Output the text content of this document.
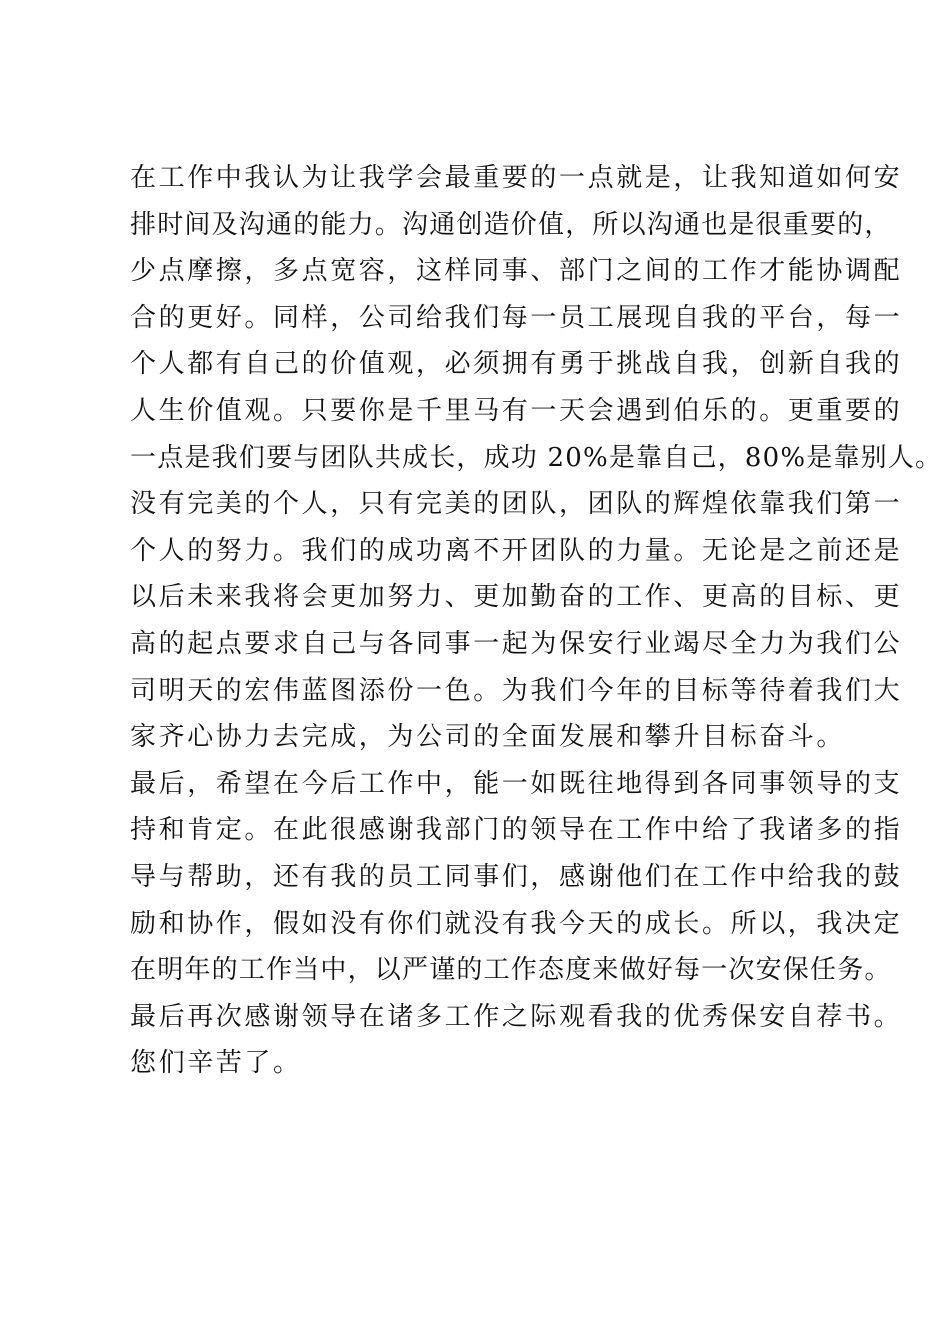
在工作中我认为让我学会最重要的一点就是，让我知道如何安
排时间及沟通的能力。沟通创造价值，所以沟通也是很重要的，
少点摩擦，多点宽容，这样同事、部门之间的工作才能协调配
合的更好。同样，公司给我们每一员工展现自我的平台，每一
个人都有自己的价值观，必须拥有勇于挑战自我，创新自我的
人生价值观。只要你是千里马有一天会遇到伯乐的。更重要的
一点是我们要与团队共成长，成功 20%是靠自己，80%是靠别人。
没有完美的个人，只有完美的团队，团队的辉煌依靠我们第一
个人的努力。我们的成功离不开团队的力量。无论是之前还是
以后未来我将会更加努力、更加勤奋的工作、更高的目标、更
高的起点要求自己与各同事一起为保安行业竭尽全力为我们公
司明天的宏伟蓝图添份一色。为我们今年的目标等待着我们大
家齐心协力去完成，为公司的全面发展和攀升目标奋斗。
最后，希望在今后工作中，能一如既往地得到各同事领导的支
持和肯定。在此很感谢我部门的领导在工作中给了我诸多的指
导与帮助，还有我的员工同事们，感谢他们在工作中给我的鼓
励和协作，假如没有你们就没有我今天的成长。所以，我决定
在明年的工作当中，以严谨的工作态度来做好每一次安保任务。
最后再次感谢领导在诸多工作之际观看我的优秀保安自荐书。
您们辛苦了。
